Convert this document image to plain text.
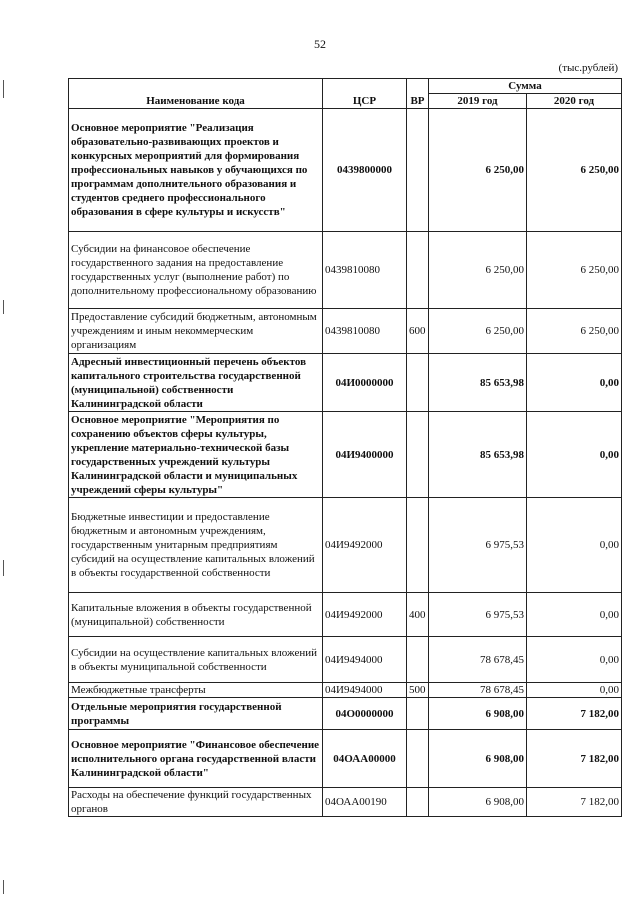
52
(тыс.рублей)
Наименование кода	ЦСР	ВР	Сумма	
			2019 год	2020 год
Основное мероприятие "Реализация образовательно-развивающих проектов и конкурсных мероприятий для формирования профессиональных навыков у обучающихся по программам дополнительного образования и студентов среднего профессионального образования в сфере культуры и искусств"	0439800000		6 250,00	6 250,00
Субсидии на финансовое обеспечение государственного задания на предоставление государственных услуг (выполнение работ) по дополнительному профессиональному образованию	0439810080		6 250,00	6 250,00
Предоставление субсидий бюджетным, автономным учреждениям и иным некоммерческим организациям	0439810080	600	6 250,00	6 250,00
Адресный инвестиционный перечень объектов капитального строительства государственной (муниципальной) собственности Калининградской области	04И0000000		85 653,98	0,00
Основное мероприятие "Мероприятия по сохранению объектов сферы культуры, укрепление материально-технической базы государственных учреждений культуры Калининградской области и муниципальных учреждений сферы культуры"	04И9400000		85 653,98	0,00
Бюджетные инвестиции и предоставление бюджетным и автономным учреждениям, государственным унитарным предприятиям субсидий на осуществление капитальных вложений в объекты государственной собственности	04И9492000		6 975,53	0,00
Капитальные вложения в объекты государственной (муниципальной) собственности	04И9492000	400	6 975,53	0,00
Субсидии на осуществление капитальных вложений в объекты муниципальной собственности	04И9494000		78 678,45	0,00
Межбюджетные трансферты	04И9494000	500	78 678,45	0,00
Отдельные мероприятия государственной программы	04О0000000		6 908,00	7 182,00
Основное мероприятие "Финансовое обеспечение исполнительного органа государственной власти Калининградской области"	04ОАА00000		6 908,00	7 182,00
Расходы на обеспечение функций государственных органов	04ОАА00190		6 908,00	7 182,00
